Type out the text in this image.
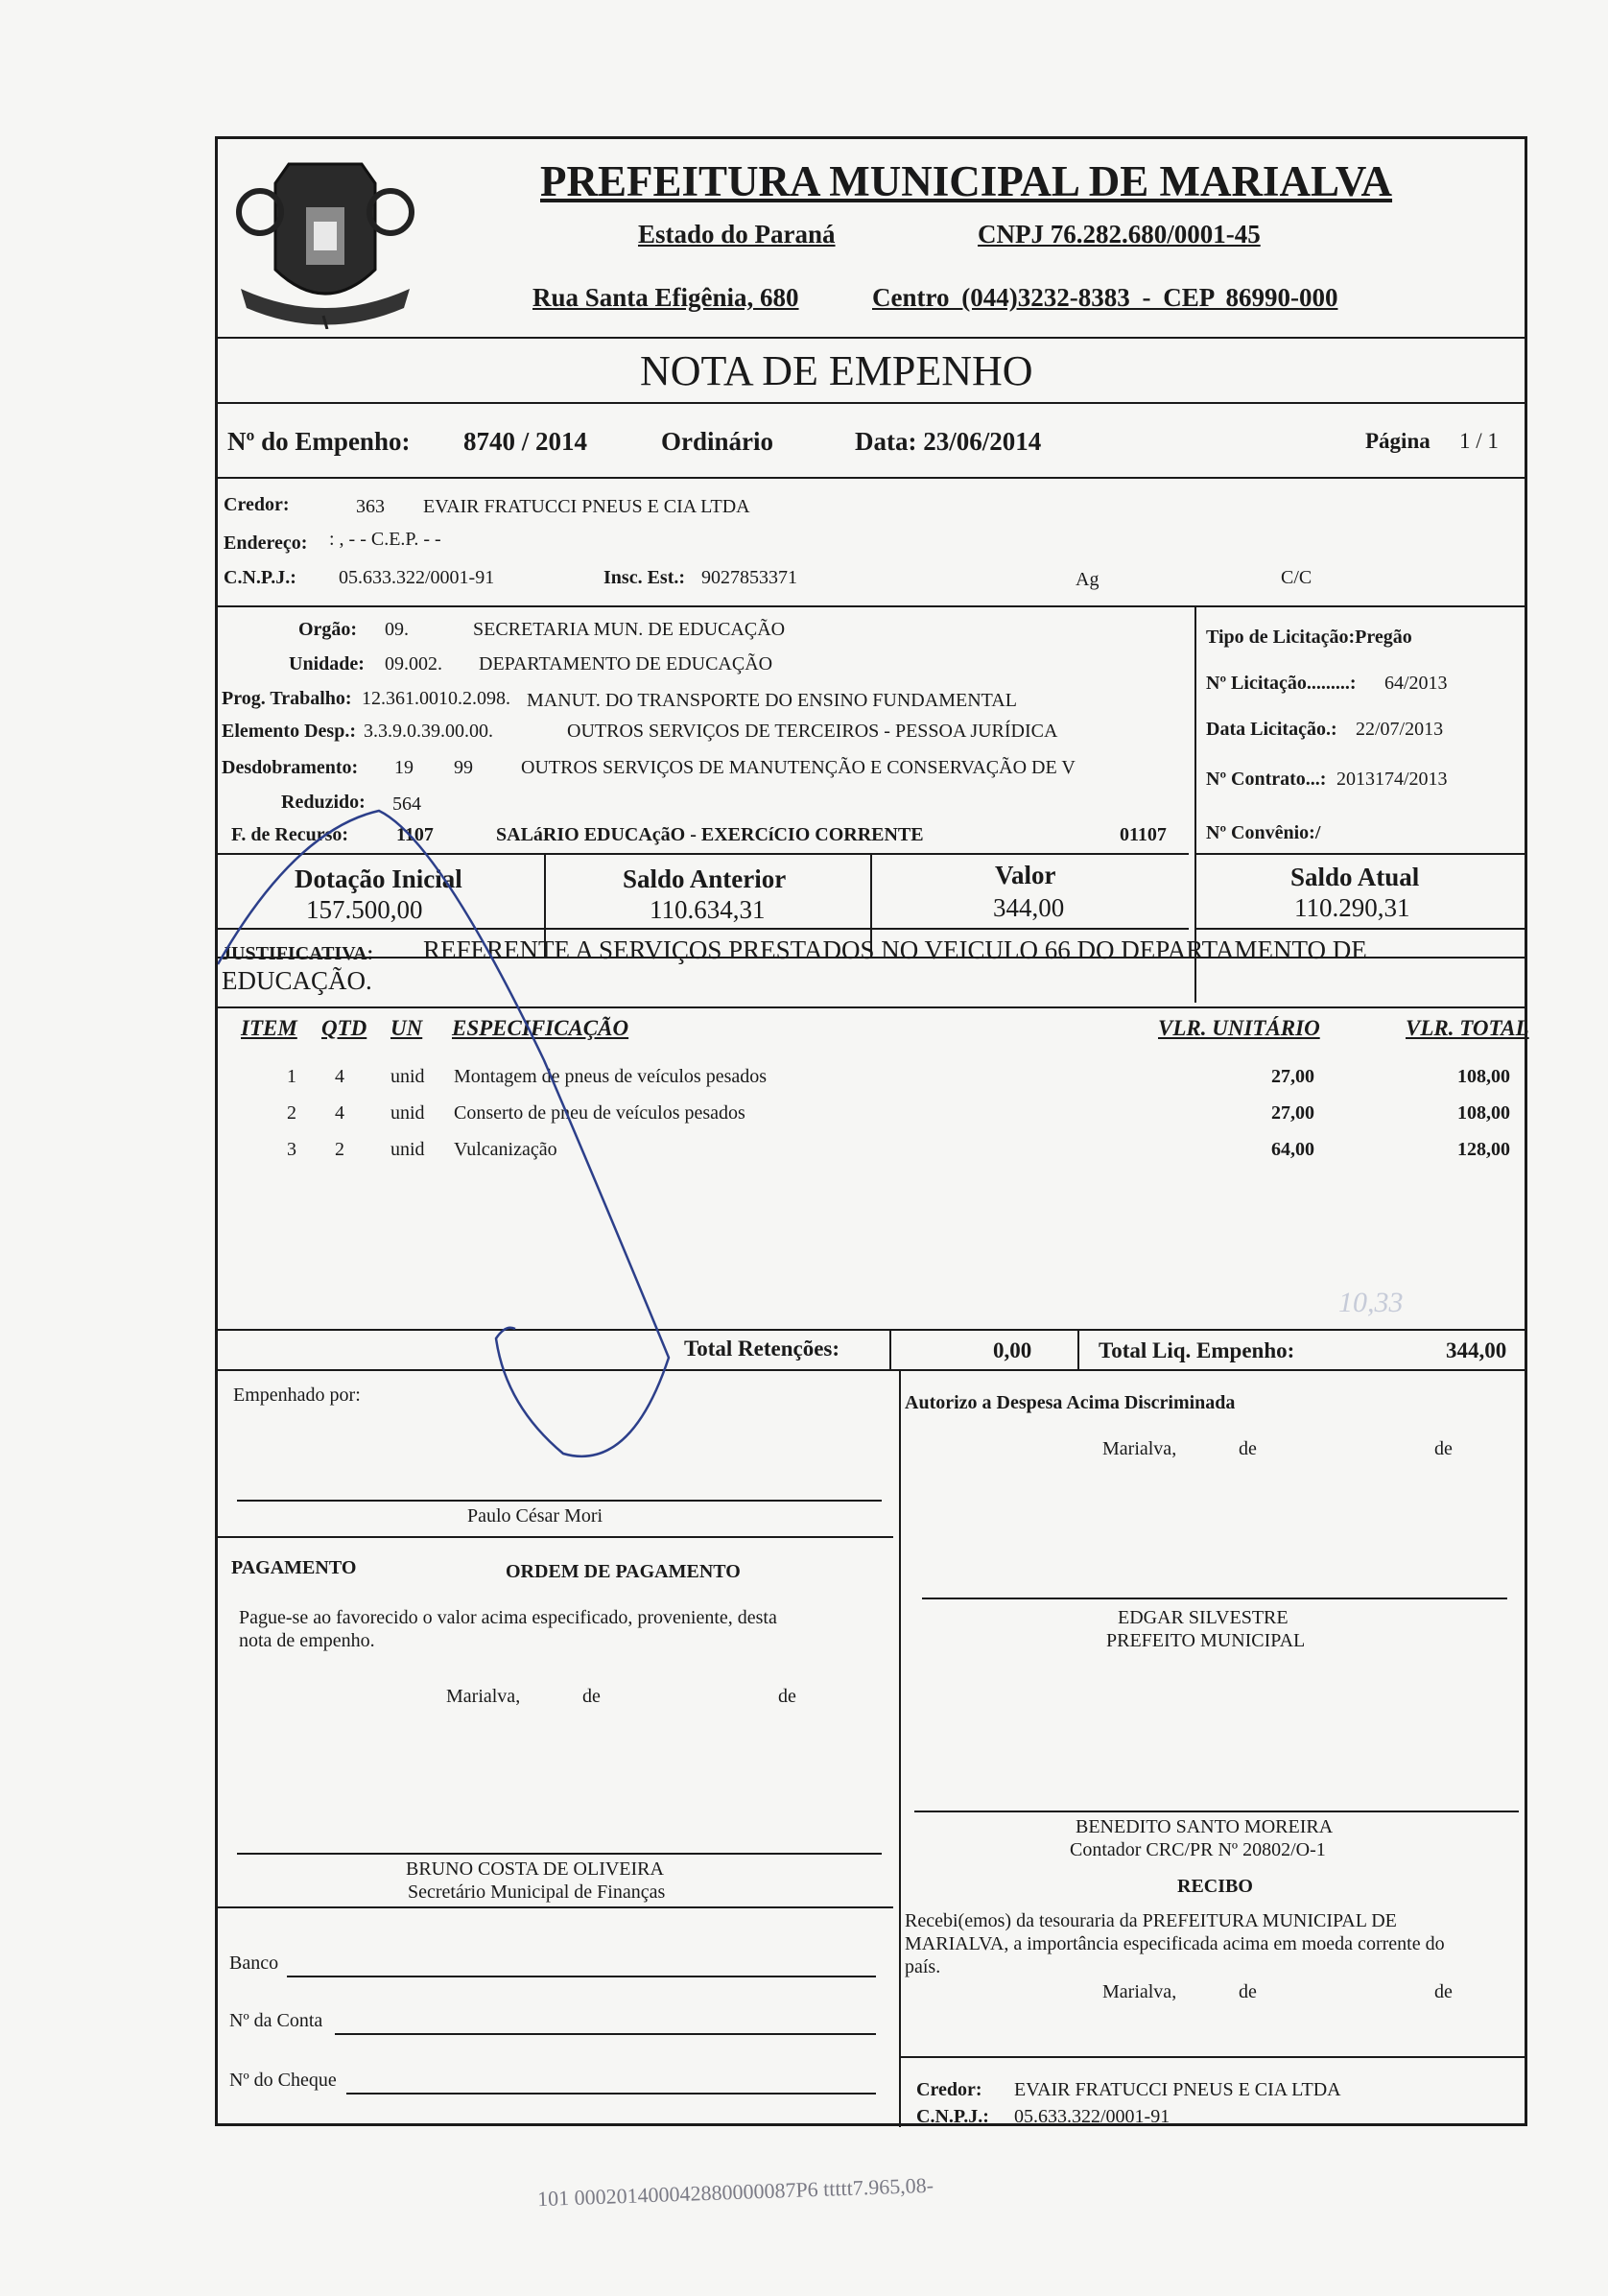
PREFEITURA MUNICIPAL DE MARIALVA
Estado do Paraná	CNPJ 76.282.680/0001-45
Rua Santa Efigênia, 680	Centro (044)3232-8383 - CEP 86990-000
NOTA DE EMPENHO
Nº do Empenho: 8740 / 2014	Ordinário	Data: 23/06/2014	Página 1 / 1
Credor:	363 EVAIR FRATUCCI PNEUS E CIA LTDA
Endereço: : , - - C.E.P. - -
C.N.P.J.: 05.633.322/0001-91	Insc. Est.: 9027853371	Ag	C/C
Orgão: 09.	SECRETARIA MUN. DE EDUCAÇÃO
Unidade: 09.002. DEPARTAMENTO DE EDUCAÇÃO
Prog. Trabalho: 12.361.0010.2.098. MANUT. DO TRANSPORTE DO ENSINO FUNDAMENTAL
Elemento Desp.: 3.3.9.0.39.00.00.	OUTROS SERVIÇOS DE TERCEIROS - PESSOA JURÍDICA
Desdobramento: 19 99	OUTROS SERVIÇOS DE MANUTENÇÃO E CONSERVAÇÃO DE V
Reduzido: 564
F. de Recurso: 1107	SALáRIO EDUCAçãO - EXERCíCIO CORRENTE	01107
Tipo de Licitação:Pregão
Nº Licitação.........: 64/2013
Data Licitação.: 22/07/2013
Nº Contrato...: 2013174/2013
Nº Convênio:/
Dotação Inicial
157.500,00
Saldo Anterior
110.634,31
Valor
344,00
Saldo Atual
110.290,31
JUSTIFICATIVA: REFERENTE A SERVIÇOS PRESTADOS NO VEICULO 66 DO DEPARTAMENTO DE
EDUCAÇÃO.
ITEM QTD UN ESPECIFICAÇÃO	VLR. UNITÁRIO	VLR. TOTAL
1 4 unid Montagem de pneus de veículos pesados	27,00	108,00
2 4 unid Conserto de pneu de veículos pesados	27,00	108,00
3 2 unid Vulcanização	64,00	128,00
10,33
Total Retenções:	0,00	Total Liq. Empenho:	344,00
Empenhado por:
Paulo César Mori
Autorizo a Despesa Acima Discriminada
Marialva,	de	de
PAGAMENTO	ORDEM DE PAGAMENTO
Pague-se ao favorecido o valor acima especificado, proveniente, desta
nota de empenho.
Marialva,	de	de
EDGAR SILVESTRE
PREFEITO MUNICIPAL
BENEDITO SANTO MOREIRA
Contador CRC/PR Nº 20802/O-1
BRUNO COSTA DE OLIVEIRA
Secretário Municipal de Finanças	RECIBO
Recebi(emos) da tesouraria da PREFEITURA MUNICIPAL DE
MARIALVA, a importância especificada acima em moeda corrente do
país.
Marialva,	de	de
Banco
Nº da Conta
Nº do Cheque	Credor: EVAIR FRATUCCI PNEUS E CIA LTDA
C.N.P.J.: 05.633.322/0001-91
101 000201400042880000087P6 ttttt7.965,08-
